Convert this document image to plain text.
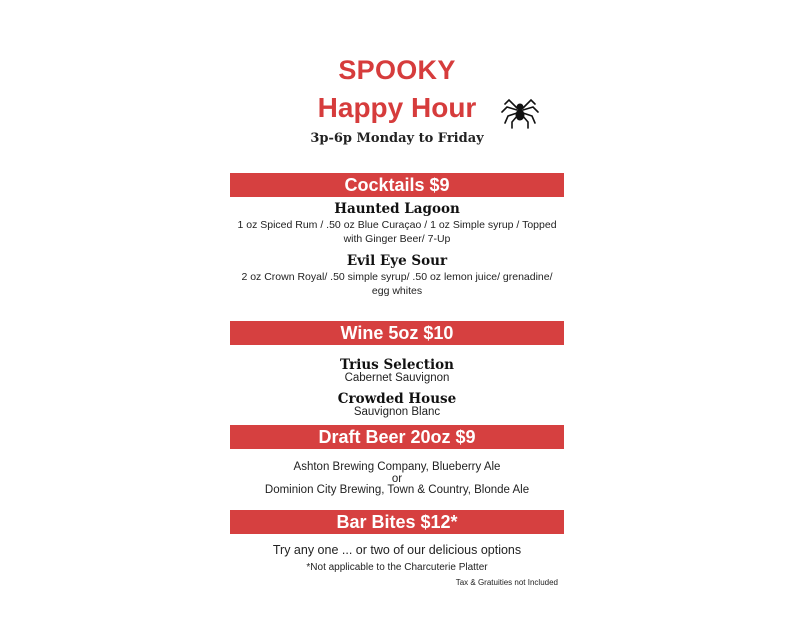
SPOOKY
Happy Hour
3p-6p Monday to Friday
Cocktails $9
Haunted Lagoon
1 oz Spiced Rum / .50 oz Blue Curaçao / 1 oz Simple syrup / Topped
with Ginger Beer/ 7-Up
Evil Eye Sour
2 oz Crown Royal/ .50 simple syrup/ .50 oz lemon juice/ grenadine/
egg whites
Wine 5oz $10
Trius Selection
Cabernet Sauvignon
Crowded House
Sauvignon Blanc
Draft Beer 20oz $9
Ashton Brewing Company, Blueberry Ale
or
Dominion City Brewing, Town & Country, Blonde Ale
Bar Bites $12*
Try any one ... or two of our delicious options
*Not applicable to the Charcuterie Platter
Tax & Gratuities not Included
